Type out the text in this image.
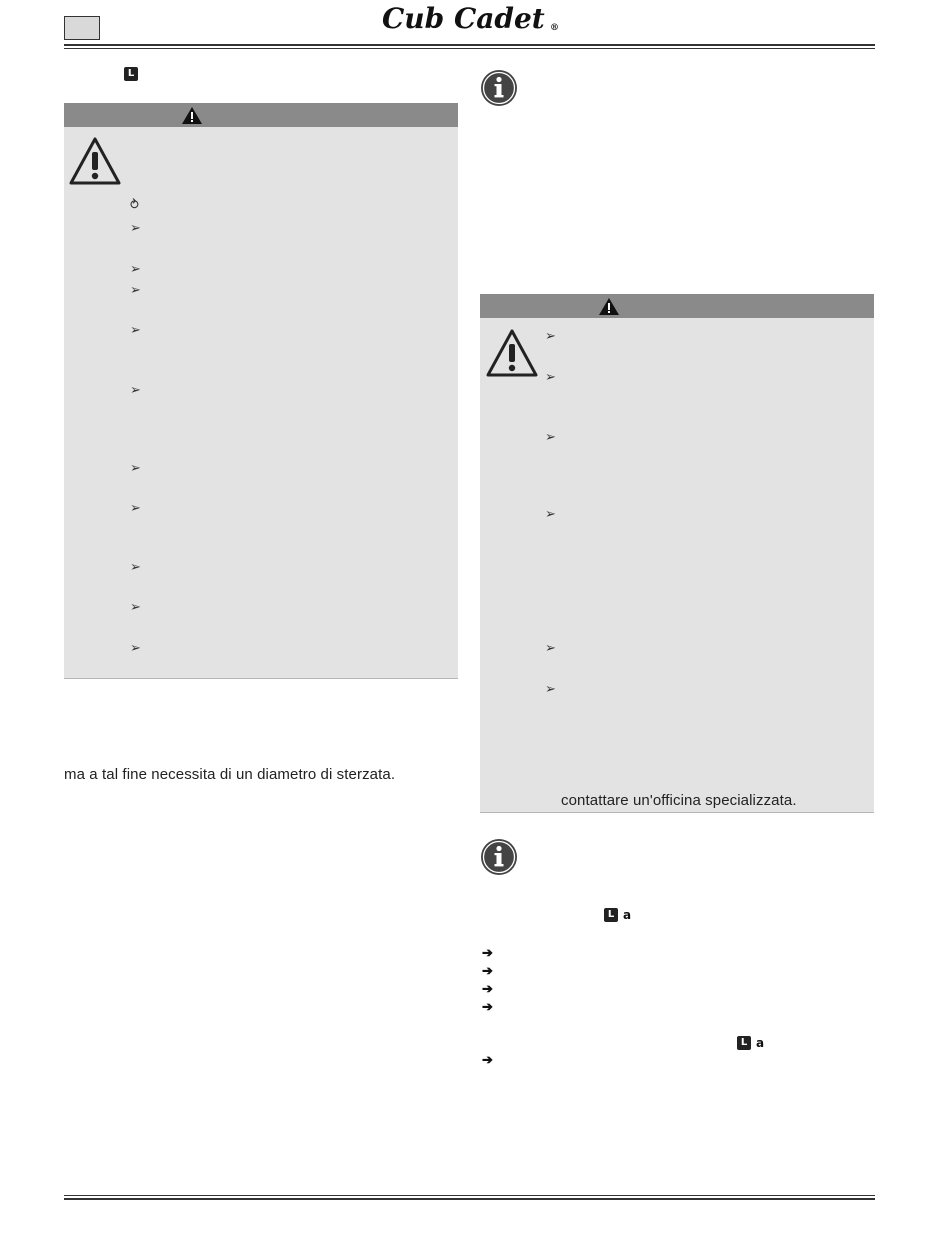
Cub Cadet ®
L
⥁
➢
➢
➢
➢
➢
➢
➢
➢
➢
➢
ma a tal fine necessita di un diametro di sterzata.
➢
➢
➢
➢
➢
➢
contattare un'officina specializzata.
L a
➔
➔
➔
➔
L a
➔
